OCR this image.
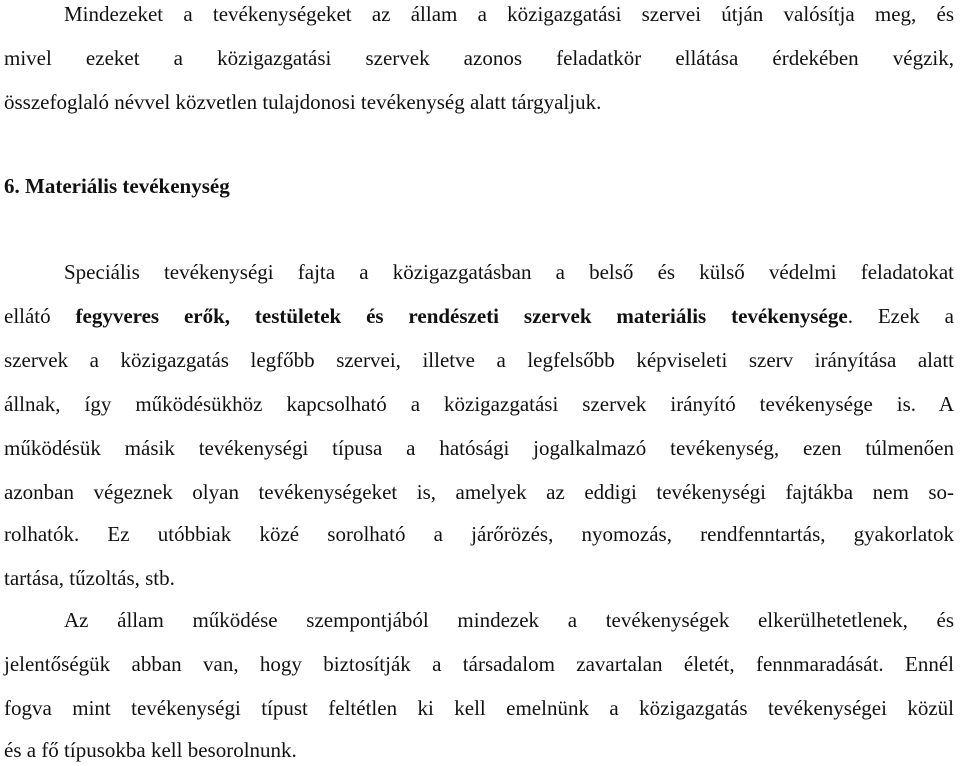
Mindezeket a tevékenységeket az állam a közigazgatási szervei útján valósítja meg, és
mivel ezeket a közigazgatási szervek azonos feladatkör ellátása érdekében végzik,
összefoglaló névvel közvetlen tulajdonosi tevékenység alatt tárgyaljuk.
6. Materiális tevékenység
Speciális tevékenységi fajta a közigazgatásban a belső és külső védelmi feladatokat
ellátó fegyveres erők, testületek és rendészeti szervek materiális tevékenysége. Ezek a
szervek a közigazgatás legfőbb szervei, illetve a legfelsőbb képviseleti szerv irányítása alatt
állnak, így működésükhöz kapcsolható a közigazgatási szervek irányító tevékenysége is. A
működésük másik tevékenységi típusa a hatósági jogalkalmazó tevékenység, ezen túlmenően
azonban végeznek olyan tevékenységeket is, amelyek az eddigi tevékenységi fajtákba nem so-
rolhatók. Ez utóbbiak közé sorolható a járőrözés, nyomozás, rendfenntartás, gyakorlatok
tartása, tűzoltás, stb.
Az állam működése szempontjából mindezek a tevékenységek elkerülhetetlenek, és
jelentőségük abban van, hogy biztosítják a társadalom zavartalan életét, fennmaradását. Ennél
fogva mint tevékenységi típust feltétlen ki kell emelnünk a közigazgatás tevékenységei közül
és a fő típusokba kell besorolnunk.
